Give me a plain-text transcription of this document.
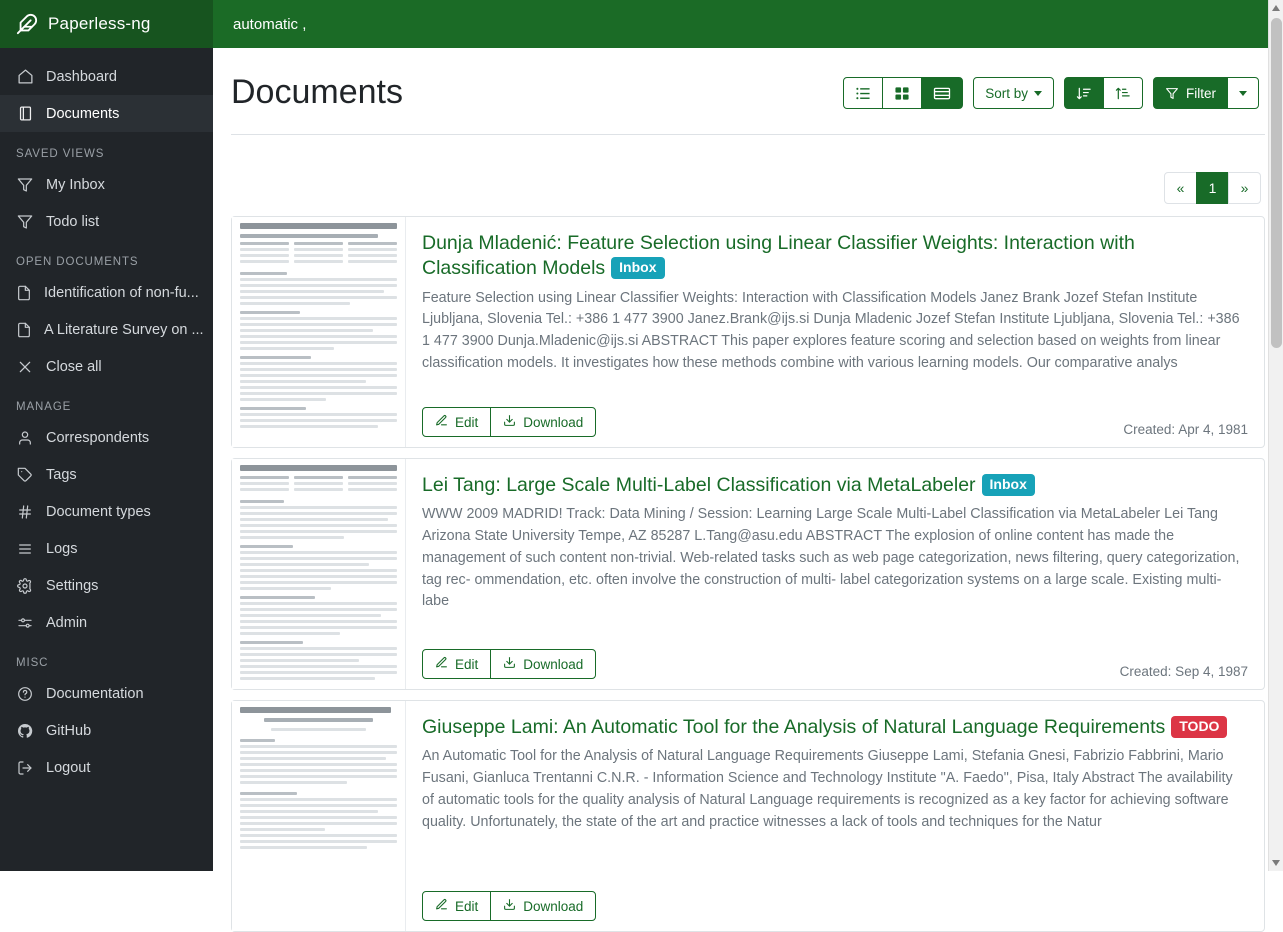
Paperless-ng
automatic ,
Dashboard
Documents
SAVED VIEWS
My Inbox
Todo list
OPEN DOCUMENTS
Identification of non-fu...
A Literature Survey on ...
Close all
MANAGE
Correspondents
Tags
Document types
Logs
Settings
Admin
MISC
Documentation
GitHub
Logout
Documents	Sort by	Filter
«	1	»
Dunja Mladenić: Feature Selection using Linear Classifier Weights: Interaction with Classification Models Inbox
Feature Selection using Linear Classifier Weights: Interaction with Classification Models Janez Brank Jozef Stefan Institute Ljubljana, Slovenia Tel.: +386 1 477 3900 Janez.Brank@ijs.si Dunja Mladenic Jozef Stefan Institute Ljubljana, Slovenia Tel.: +386 1 477 3900 Dunja.Mladenic@ijs.si ABSTRACT This paper explores feature scoring and selection based on weights from linear classification models. It investigates how these methods combine with various learning models. Our comparative analys
Edit	Download	Created: Apr 4, 1981
Lei Tang: Large Scale Multi-Label Classification via MetaLabeler Inbox
WWW 2009 MADRID! Track: Data Mining / Session: Learning Large Scale Multi-Label Classification via MetaLabeler Lei Tang Arizona State University Tempe, AZ 85287 L.Tang@asu.edu ABSTRACT The explosion of online content has made the management of such content non-trivial. Web-related tasks such as web page categorization, news filtering, query categorization, tag rec- ommendation, etc. often involve the construction of multi- label categorization systems on a large scale. Existing multi-labe
Edit	Download	Created: Sep 4, 1987
Giuseppe Lami: An Automatic Tool for the Analysis of Natural Language Requirements TODO
An Automatic Tool for the Analysis of Natural Language Requirements Giuseppe Lami, Stefania Gnesi, Fabrizio Fabbrini, Mario Fusani, Gianluca Trentanni C.N.R. - Information Science and Technology Institute "A. Faedo", Pisa, Italy Abstract The availability of automatic tools for the quality analysis of Natural Language requirements is recognized as a key factor for achieving software quality. Unfortunately, the state of the art and practice witnesses a lack of tools and techniques for the Natur
Edit	Download
